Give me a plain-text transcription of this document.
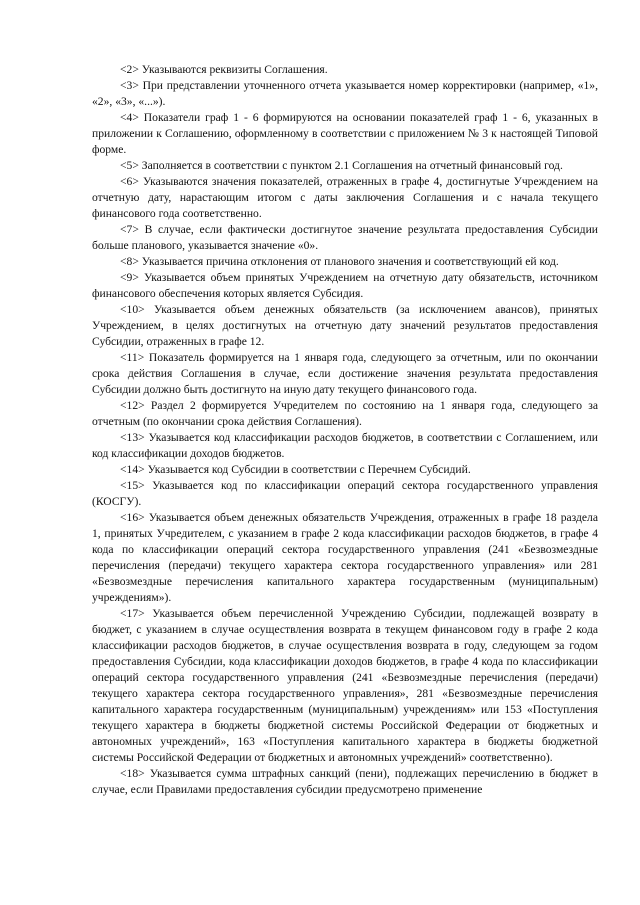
<2> Указываются реквизиты Соглашения.

<3> При представлении уточненного отчета указывается номер корректировки (например, «1», «2», «3», «...»).

<4> Показатели граф 1 - 6 формируются на основании показателей граф 1 - 6, указанных в приложении к Соглашению, оформленному в соответствии с приложением № 3 к настоящей Типовой форме.

<5> Заполняется в соответствии с пунктом 2.1 Соглашения на отчетный финансовый год.

<6> Указываются значения показателей, отраженных в графе 4, достигнутые Учреждением на отчетную дату, нарастающим итогом с даты заключения Соглашения и с начала текущего финансового года соответственно.

<7> В случае, если фактически достигнутое значение результата предоставления Субсидии больше планового, указывается значение «0».

<8> Указывается причина отклонения от планового значения и соответствующий ей код.

<9> Указывается объем принятых Учреждением на отчетную дату обязательств, источником финансового обеспечения которых является Субсидия.

<10> Указывается объем денежных обязательств (за исключением авансов), принятых Учреждением, в целях достигнутых на отчетную дату значений результатов предоставления Субсидии, отраженных в графе 12.

<11> Показатель формируется на 1 января года, следующего за отчетным, или по окончании срока действия Соглашения в случае, если достижение значения результата предоставления Субсидии должно быть достигнуто на иную дату текущего финансового года.

<12> Раздел 2 формируется Учредителем по состоянию на 1 января года, следующего за отчетным (по окончании срока действия Соглашения).

<13> Указывается код классификации расходов бюджетов, в соответствии с Соглашением, или код классификации доходов бюджетов.

<14> Указывается код Субсидии в соответствии с Перечнем Субсидий.

<15> Указывается код по классификации операций сектора государственного управления (КОСГУ).

<16> Указывается объем денежных обязательств Учреждения, отраженных в графе 18 раздела 1, принятых Учредителем, с указанием в графе 2 кода классификации расходов бюджетов, в графе 4 кода по классификации операций сектора государственного управления (241 «Безвозмездные перечисления (передачи) текущего характера сектора государственного управления» или 281 «Безвозмездные перечисления капитального характера государственным (муниципальным) учреждениям»).

<17> Указывается объем перечисленной Учреждению Субсидии, подлежащей возврату в бюджет, с указанием в случае осуществления возврата в текущем финансовом году в графе 2 кода классификации расходов бюджетов, в случае осуществления возврата в году, следующем за годом предоставления Субсидии, кода классификации доходов бюджетов, в графе 4 кода по классификации операций сектора государственного управления (241 «Безвозмездные перечисления (передачи) текущего характера сектора государственного управления», 281 «Безвозмездные перечисления капитального характера государственным (муниципальным) учреждениям» или 153 «Поступления текущего характера в бюджеты бюджетной системы Российской Федерации от бюджетных и автономных учреждений», 163 «Поступления капитального характера в бюджеты бюджетной системы Российской Федерации от бюджетных и автономных учреждений» соответственно).

<18> Указывается сумма штрафных санкций (пени), подлежащих перечислению в бюджет в случае, если Правилами предоставления субсидии предусмотрено применение
